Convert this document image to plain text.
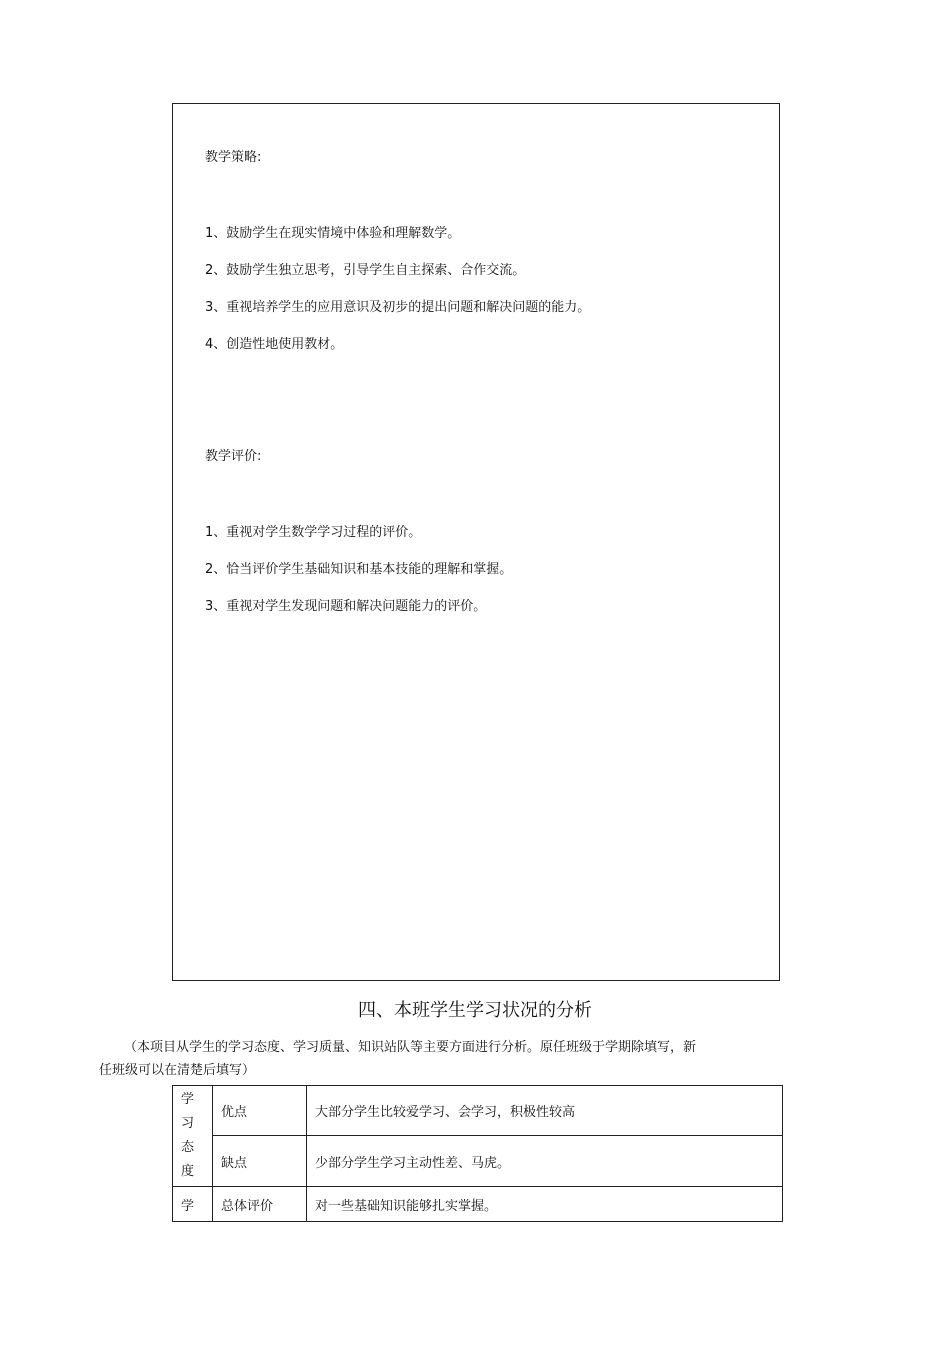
教学策略:
1、鼓励学生在现实情境中体验和理解数学。
2、鼓励学生独立思考，引导学生自主探索、合作交流。
3、重视培养学生的应用意识及初步的提出问题和解决问题的能力。
4、创造性地使用教材。
教学评价:
1、重视对学生数学学习过程的评价。
2、恰当评价学生基础知识和基本技能的理解和掌握。
3、重视对学生发现问题和解决问题能力的评价。
四、本班学生学习状况的分析
（本项目从学生的学习态度、学习质量、知识站队等主要方面进行分析。原任班级于学期除填写，新
任班级可以在清楚后填写）
学
习
态
度	优点	大部分学生比较爱学习、会学习，积极性较高
	缺点	少部分学生学习主动性差、马虎。
学	总体评价	对一些基础知识能够扎实掌握。
